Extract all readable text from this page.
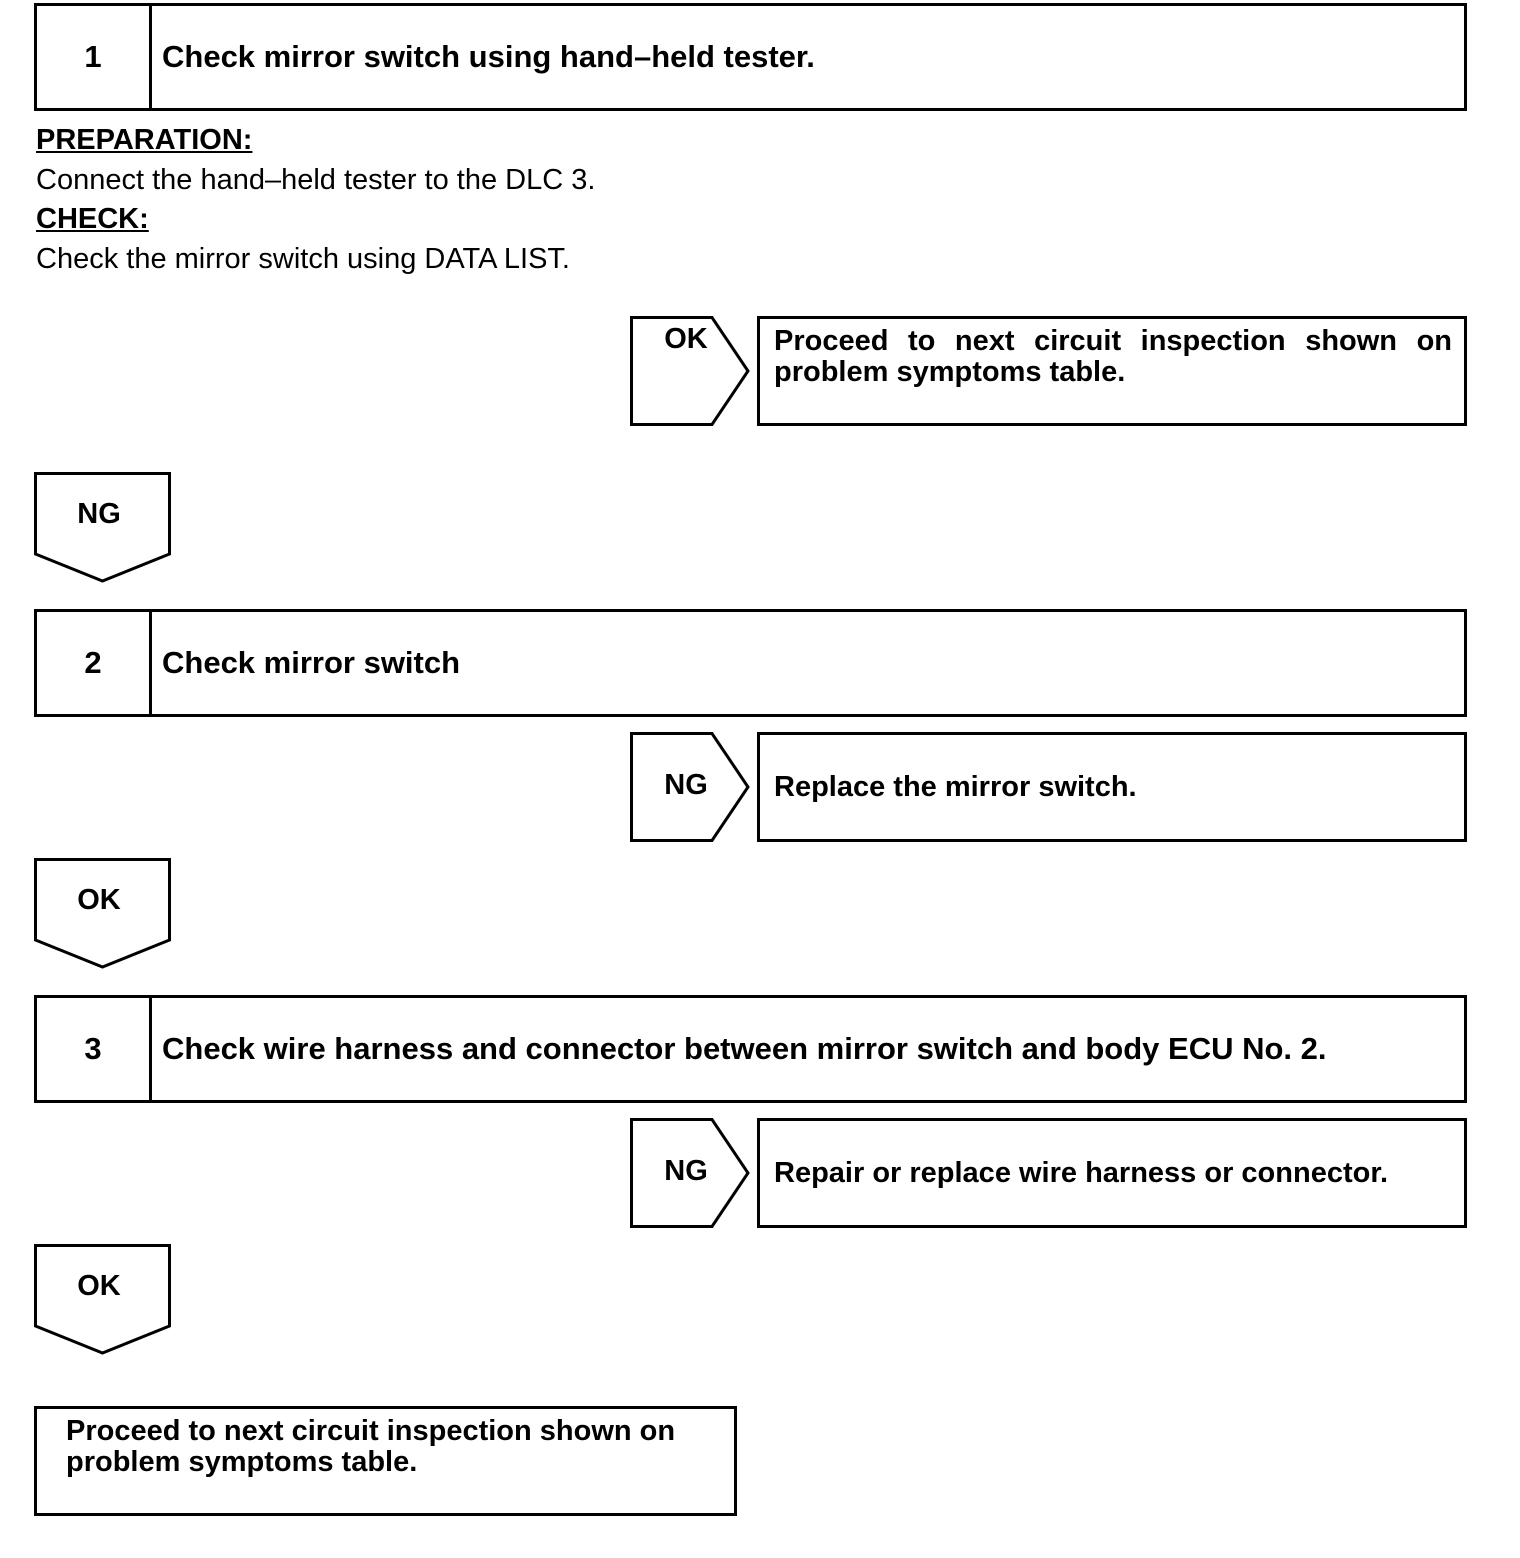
1	Check mirror switch using hand–held tester.
PREPARATION:
Connect the hand–held tester to the DLC 3.
CHECK:
Check the mirror switch using DATA LIST.
OK	Proceed to next circuit inspection shown on
problem symptoms table.
NG
2	Check mirror switch
NG	Replace the mirror switch.
OK
3	Check wire harness and connector between mirror switch and body ECU No. 2.
NG	Repair or replace wire harness or connector.
OK
Proceed to next circuit inspection shown on
problem symptoms table.
